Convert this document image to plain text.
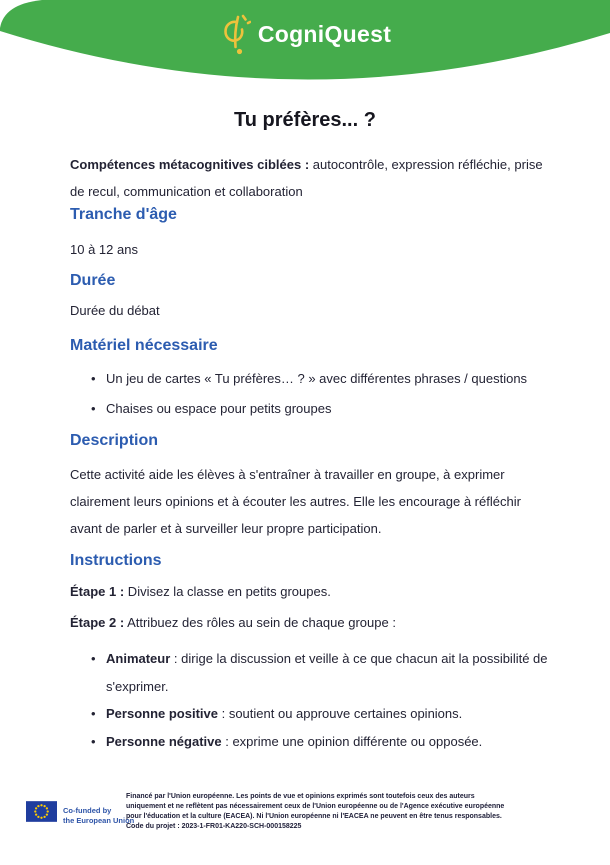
CogniQuest
Tu préfères... ?

Compétences métacognitives ciblées : autocontrôle, expression réfléchie, prise de recul, communication et collaboration

Tranche d'âge

10 à 12 ans

Durée

Durée du débat

Matériel nécessaire
• Un jeu de cartes « Tu préfères… ? » avec différentes phrases / questions
• Chaises ou espace pour petits groupes
Description

Cette activité aide les élèves à s'entraîner à travailler en groupe, à exprimer clairement leurs opinions et à écouter les autres. Elle les encourage à réfléchir avant de parler et à surveiller leur propre participation.

Instructions

Étape 1 : Divisez la classe en petits groupes.

Étape 2 : Attribuez des rôles au sein de chaque groupe :

• Animateur : dirige la discussion et veille à ce que chacun ait la possibilité de s'exprimer.
• Personne positive : soutient ou approuve certaines opinions.
• Personne négative : exprime une opinion différente ou opposée.
Co-funded by
the European Union
Financé par l'Union européenne. Les points de vue et opinions exprimés sont toutefois ceux des auteurs
uniquement et ne reflètent pas nécessairement ceux de l'Union européenne ou de l'Agence exécutive européenne
pour l'éducation et la culture (EACEA). Ni l'Union européenne ni l'EACEA ne peuvent en être tenus responsables.
Code du projet : 2023-1-FR01-KA220-SCH-000158225
